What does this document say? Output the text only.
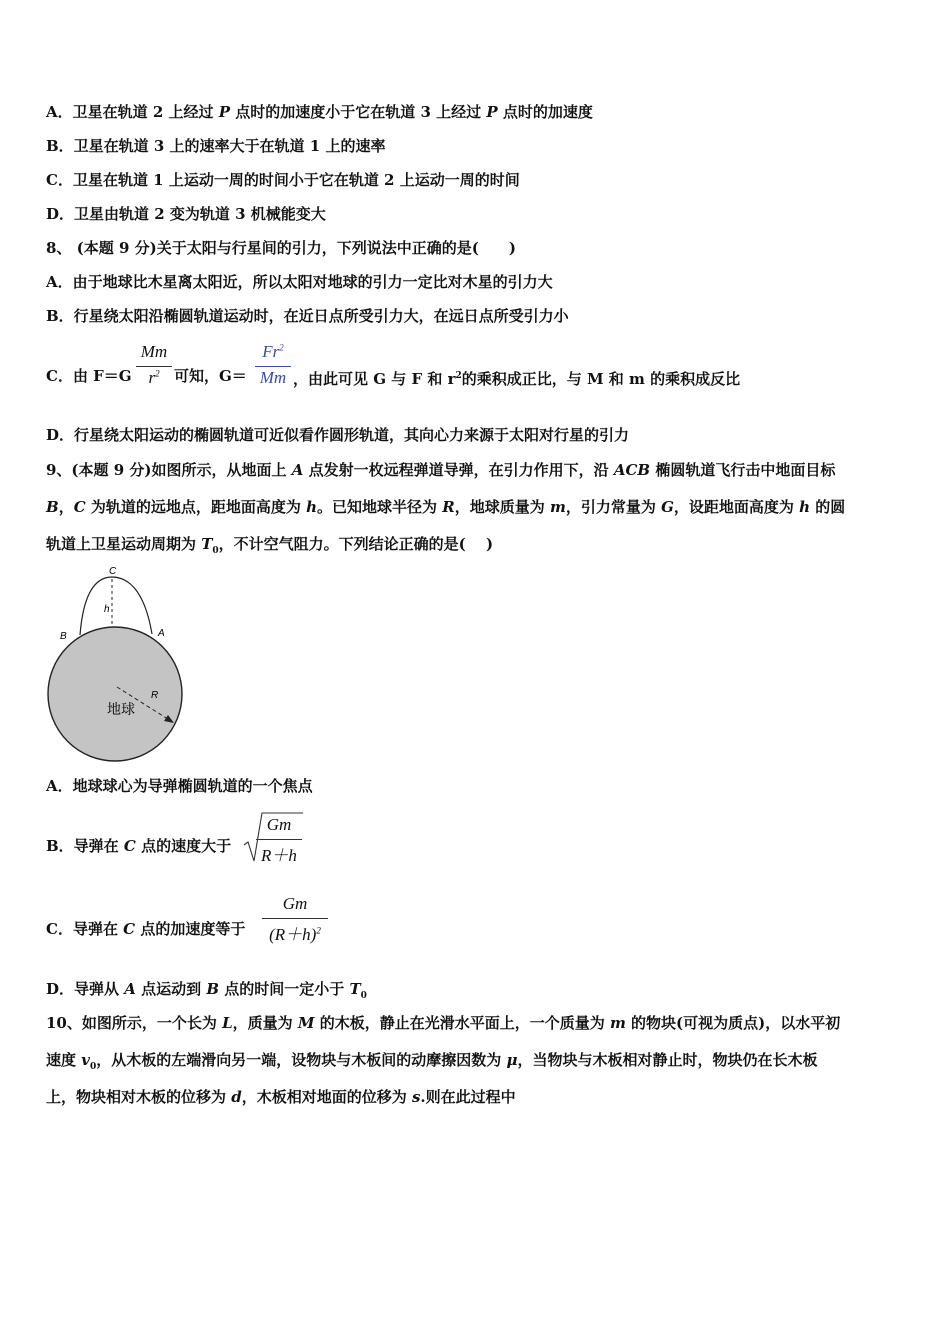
A．卫星在轨道 2 上经过 P 点时的加速度小于它在轨道 3 上经过 P 点时的加速度
B．卫星在轨道 3 上的速率大于在轨道 1 上的速率
C．卫星在轨道 1 上运动一周的时间小于它在轨道 2 上运动一周的时间
D．卫星由轨道 2 变为轨道 3 机械能变大
8、 (本题 9 分)关于太阳与行星间的引力，下列说法中正确的是(　　)
A．由于地球比木星离太阳近，所以太阳对地球的引力一定比对木星的引力大
B．行星绕太阳沿椭圆轨道运动时，在近日点所受引力大，在远日点所受引力小
C．由 F＝G
Mm
$r^2$ 可知，G＝
$Fr^2$
Mm ，由此可见 G 与 F 和 $r^2$的乘积成正比，与 M 和 m 的乘积成反比
D．行星绕太阳运动的椭圆轨道可近似看作圆形轨道，其向心力来源于太阳对行星的引力
9、(本题 9 分)如图所示，从地面上 A 点发射一枚远程弹道导弹，在引力作用下，沿 ACB 椭圆轨道飞行击中地面目标
B，C 为轨道的远地点，距地面高度为 h。已知地球半径为 R，地球质量为 m，引力常量为 G，设距地面高度为 h 的圆
轨道上卫星运动周期为 $T_0$，不计空气阻力。下列结论正确的是(　 )
C
h
B	A
R
地球
A．地球球心为导弹椭圆轨道的一个焦点
B．导弹在 C 点的速度大于
Gm
R＋h
C．导弹在 C 点的加速度等于
Gm
$(R+h)^2$
D．导弹从 A 点运动到 B 点的时间一定小于 $T_0$
10、如图所示，一个长为 L，质量为 M 的木板，静止在光滑水平面上，一个质量为 m 的物块(可视为质点)，以水平初
速度 $v_0$，从木板的左端滑向另一端，设物块与木板间的动摩擦因数为 μ，当物块与木板相对静止时，物块仍在长木板
上，物块相对木板的位移为 d，木板相对地面的位移为 s.则在此过程中
